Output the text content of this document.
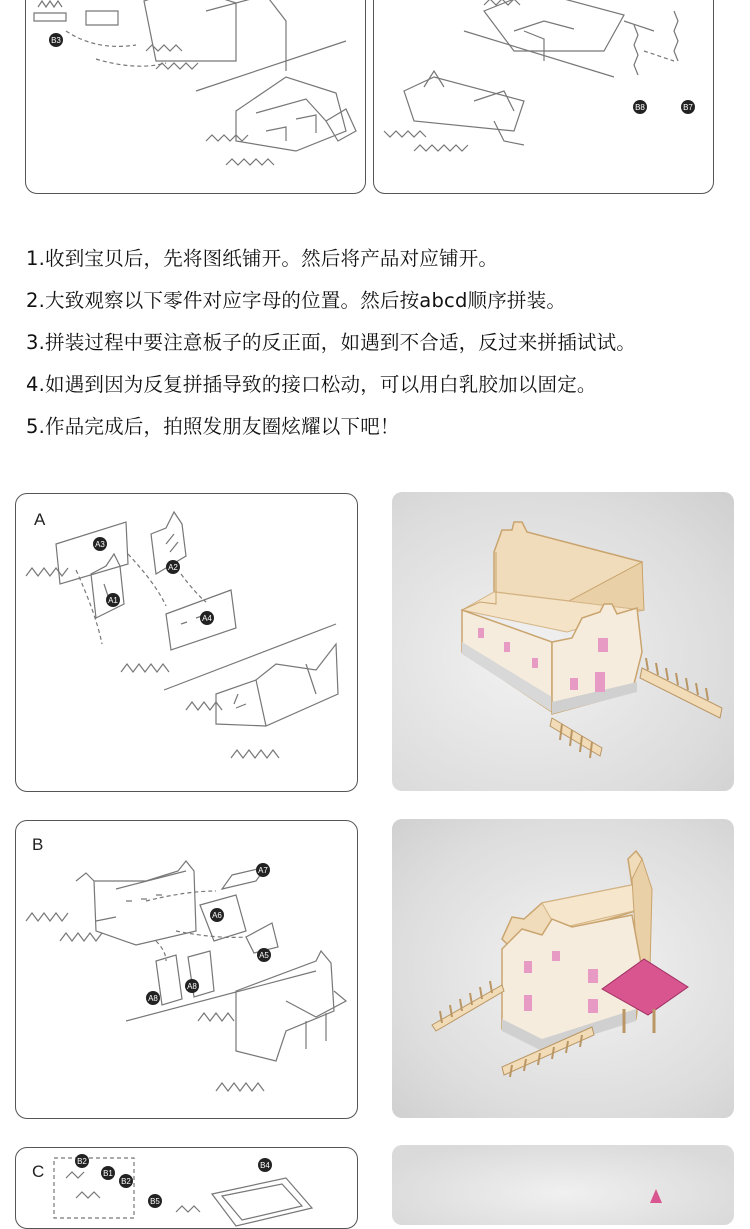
B3
B8	B7
1.收到宝贝后，先将图纸铺开。然后将产品对应铺开。
2.大致观察以下零件对应字母的位置。然后按abcd顺序拼装。
3.拼装过程中要注意板子的反正面，如遇到不合适，反过来拼插试试。
4.如遇到因为反复拼插导致的接口松动，可以用白乳胶加以固定。
5.作品完成后，拍照发朋友圈炫耀以下吧！
A
A3
A2
A1
A4
B
A7
A6
A5
A8
A8
C
B2
B1
B2
B4
B5
